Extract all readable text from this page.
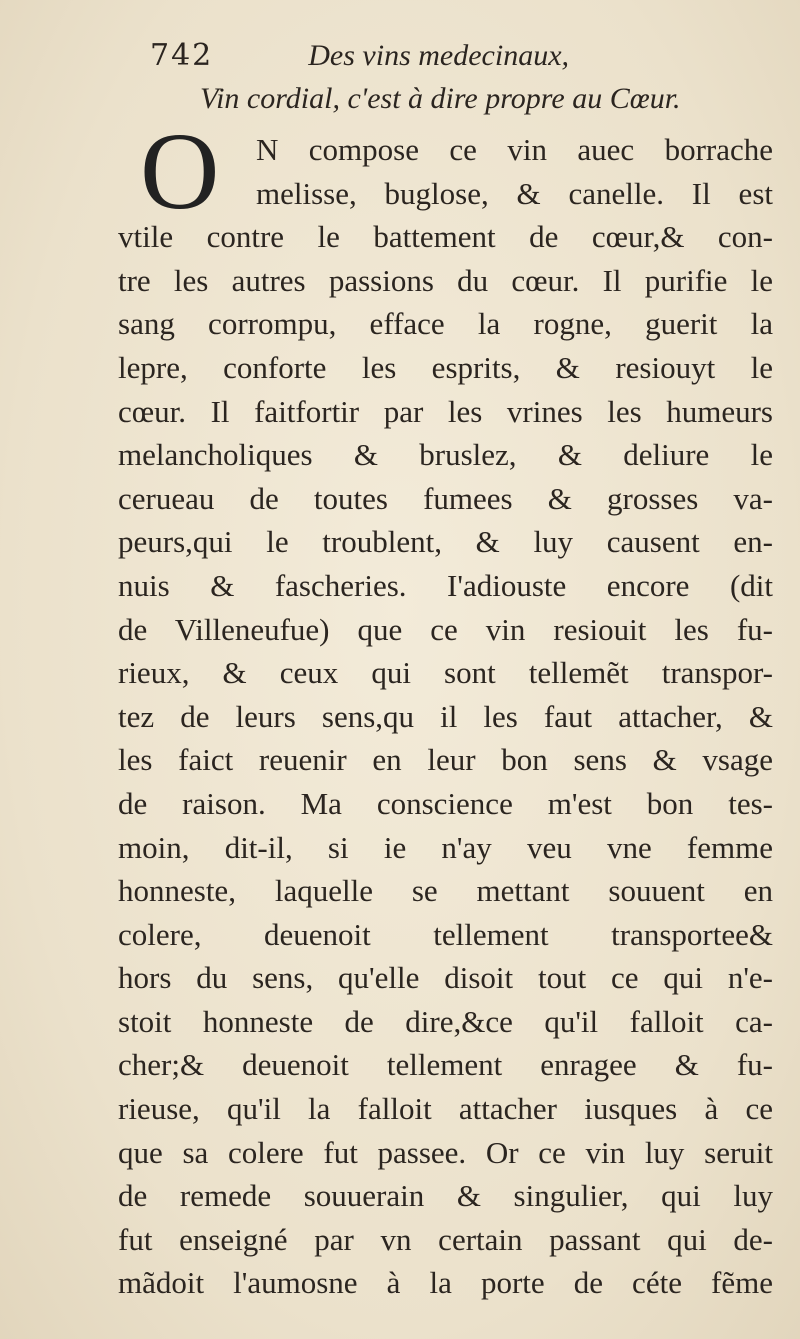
742	Des vins medecinaux,
Vin cordial, c'est à dire propre au Cœur.
O	N compose ce vin auec borrache
melisse, buglose, & canelle. Il est
vtile contre le battement de cœur,& con-
tre les autres passions du cœur. Il purifie le
sang corrompu, efface la rogne, guerit la
lepre, conforte les esprits, & resiouyt le
cœur. Il faitfortir par les vrines les humeurs
melancholiques & bruslez, & deliure le
cerueau de toutes fumees & grosses va-
peurs,qui le troublent, & luy causent en-
nuis & fascheries. I'adiouste encore (dit
de Villeneufue) que ce vin resiouit les fu-
rieux, & ceux qui sont tellemẽt transpor-
tez de leurs sens,qu il les faut attacher, &
les faict reuenir en leur bon sens & vsage
de raison. Ma conscience m'est bon tes-
moin, dit-il, si ie n'ay veu vne femme
honneste, laquelle se mettant souuent en
colere, deuenoit tellement transportee&
hors du sens, qu'elle disoit tout ce qui n'e-
stoit honneste de dire,&ce qu'il falloit ca-
cher;& deuenoit tellement enragee & fu-
rieuse, qu'il la falloit attacher iusques à ce
que sa colere fut passee. Or ce vin luy seruit
de remede souuerain & singulier, qui luy
fut enseigné par vn certain passant qui de-
mãdoit l'aumosne à la porte de céte fẽme
